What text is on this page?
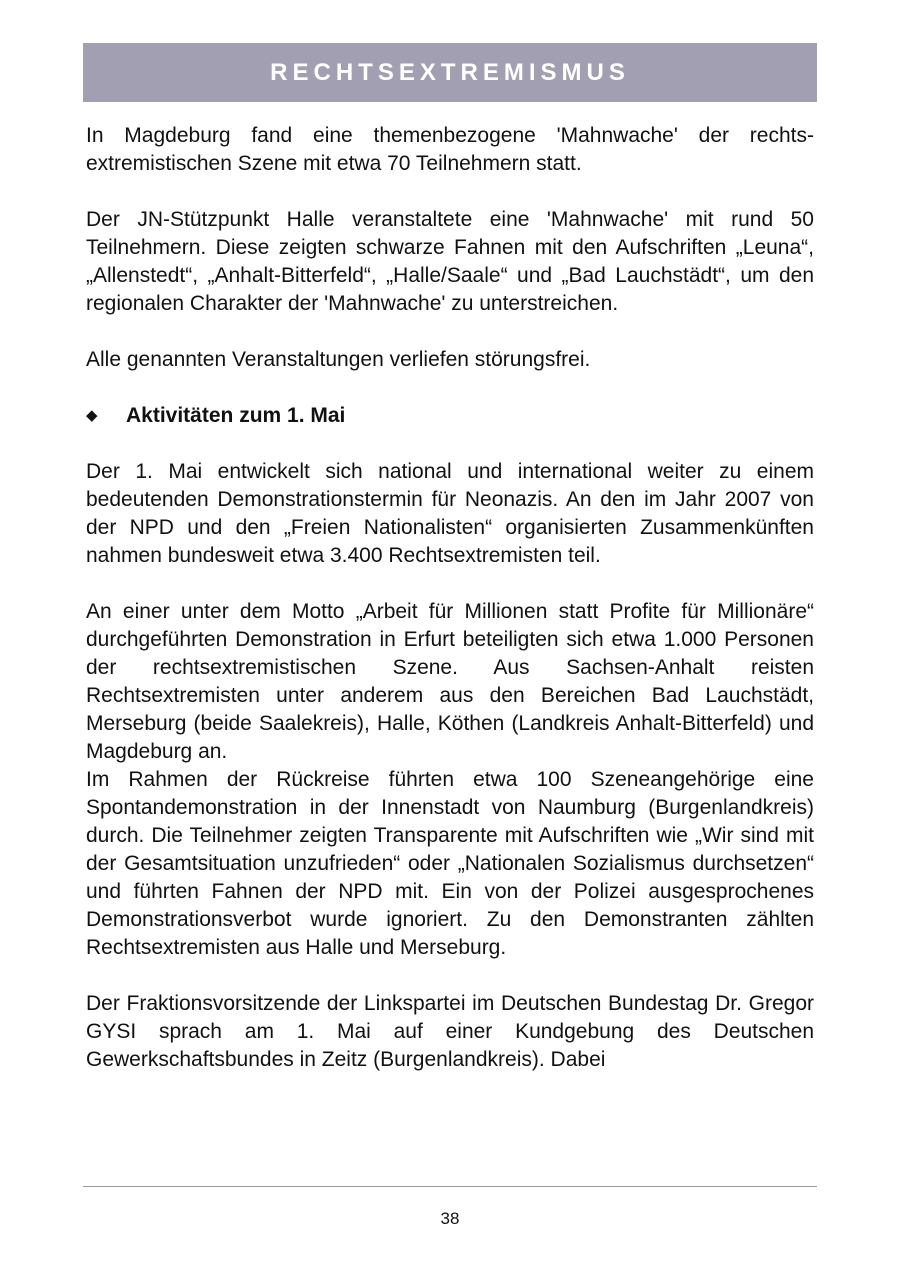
RECHTSEXTREMISMUS

In Magdeburg fand eine themenbezogene 'Mahnwache' der rechts-extremistischen Szene mit etwa 70 Teilnehmern statt.

Der JN-Stützpunkt Halle veranstaltete eine 'Mahnwache' mit rund 50 Teilnehmern. Diese zeigten schwarze Fahnen mit den Aufschriften „Leuna“, „Allenstedt“, „Anhalt-Bitterfeld“, „Halle/Saale“ und „Bad Lauchstädt“, um den regionalen Charakter der 'Mahnwache' zu unterstreichen.

Alle genannten Veranstaltungen verliefen störungsfrei.

◆	Aktivitäten zum 1. Mai

Der 1. Mai entwickelt sich national und international weiter zu einem bedeutenden Demonstrationstermin für Neonazis. An den im Jahr 2007 von der NPD und den „Freien Nationalisten“ organisierten Zusammenkünften nahmen bundesweit etwa 3.400 Rechtsextremisten teil.

An einer unter dem Motto „Arbeit für Millionen statt Profite für Millionäre“ durchgeführten Demonstration in Erfurt beteiligten sich etwa 1.000 Personen der rechtsextremistischen Szene. Aus Sachsen-Anhalt reisten Rechtsextremisten unter anderem aus den Bereichen Bad Lauchstädt, Merseburg (beide Saalekreis), Halle, Köthen (Landkreis Anhalt-Bitterfeld) und Magdeburg an.

Im Rahmen der Rückreise führten etwa 100 Szeneangehörige eine Spontandemonstration in der Innenstadt von Naumburg (Burgenlandkreis) durch. Die Teilnehmer zeigten Transparente mit Aufschriften wie „Wir sind mit der Gesamtsituation unzufrieden“ oder „Nationalen Sozialismus durchsetzen“ und führten Fahnen der NPD mit. Ein von der Polizei ausgesprochenes Demonstrationsverbot wurde ignoriert. Zu den Demonstranten zählten Rechtsextremisten aus Halle und Merseburg.

Der Fraktionsvorsitzende der Linkspartei im Deutschen Bundestag Dr. Gregor GYSI sprach am 1. Mai auf einer Kundgebung des Deutschen Gewerkschaftsbundes in Zeitz (Burgenlandkreis). Dabei

38
